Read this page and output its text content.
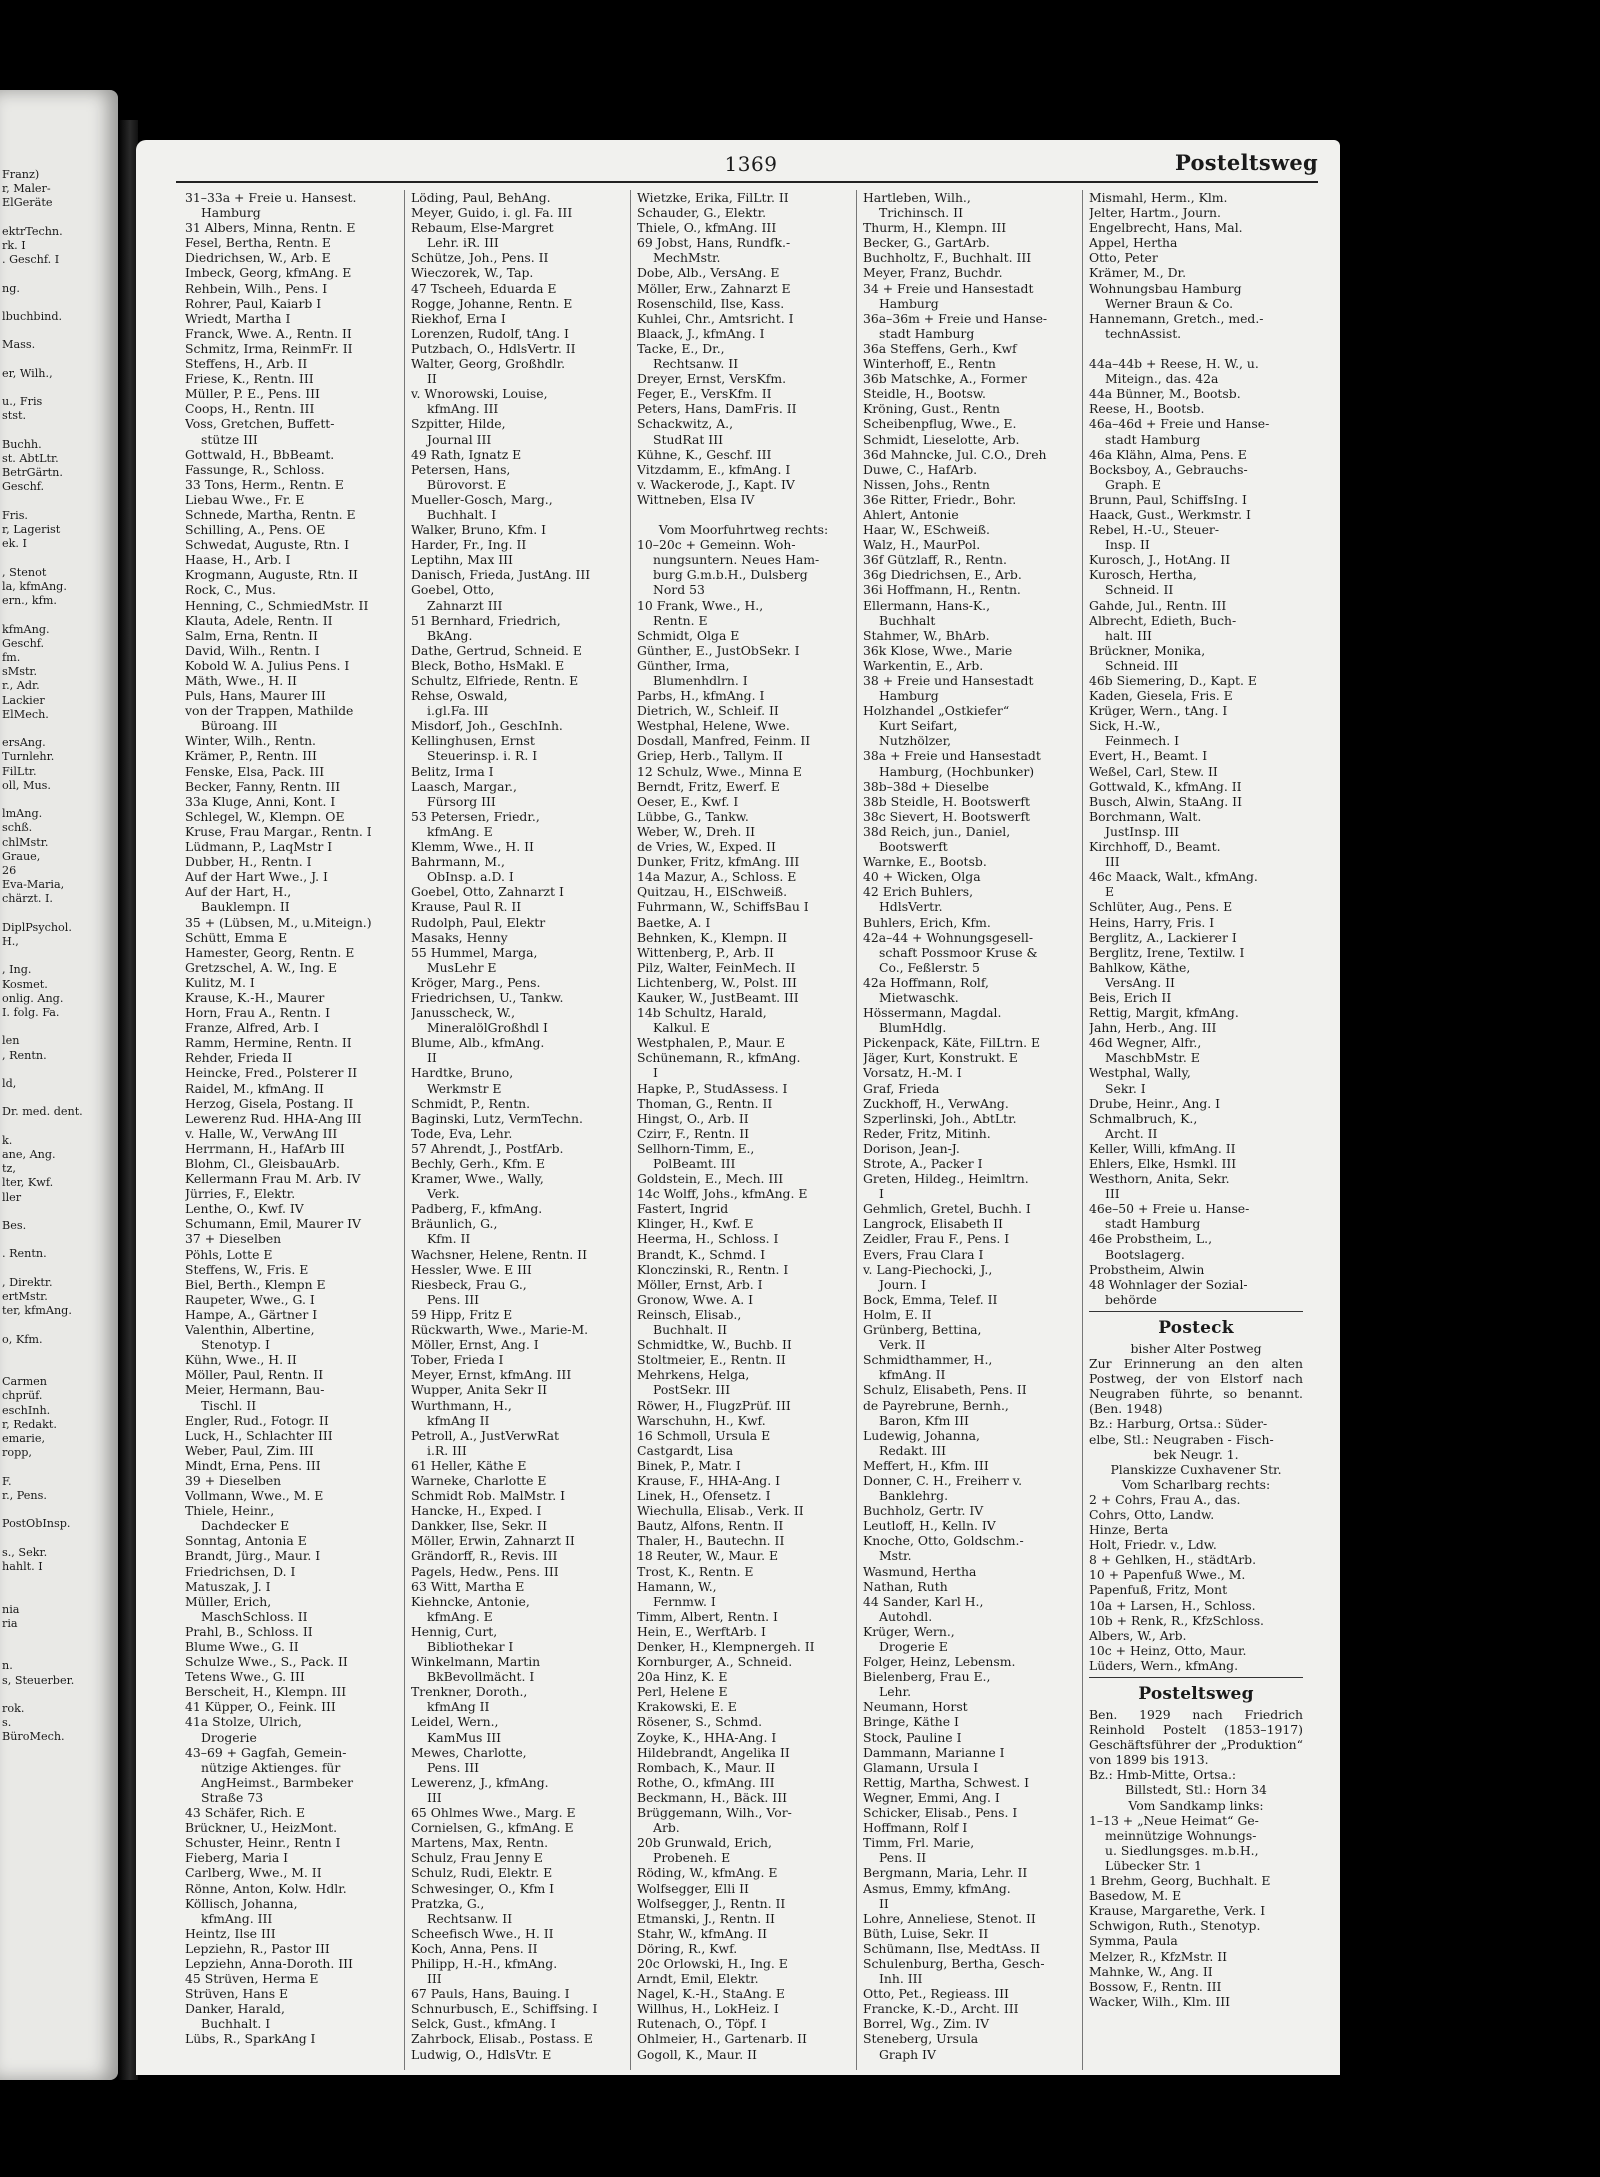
Franz)
r, Maler-
ElGeräte

ektrTechn.
rk. I
. Geschf. I

ng.

lbuchbind.

Mass.

er, Wilh.,

u., Fris
stst.

Buchh.
st. AbtLtr.
BetrGärtn.
Geschf.

Fris.
r, Lagerist
ek. I

, Stenot
la, kfmAng.
ern., kfm.

kfmAng.
Geschf.
fm.
sMstr.
r., Adr.
Lackier
ElMech.

ersAng.
Turnlehr.
FilLtr.
oll, Mus.

lmAng.
schß.
chlMstr.
Graue,
26
Eva-Maria,
chärzt. I.

DiplPsychol.
H.,

, Ing.
Kosmet.
onlig. Ang.
I. folg. Fa.

len
, Rentn.

ld,

Dr. med. dent.

k.
ane, Ang.
tz,
lter, Kwf.
ller

Bes.

. Rentn.

, Direktr.
ertMstr.
ter, kfmAng.

o, Kfm.

Carmen
chprüf.
eschInh.
r, Redakt.
emarie,
ropp,

F.
r., Pens.

PostObInsp.

s., Sekr.
hahlt. I

nia
ria

n.
s, Steuerber.

rok.
s.
BüroMech.
1369	Posteltsweg
31–33a + Freie u. Hansest.
Hamburg
31 Albers, Minna, Rentn. E
Fesel, Bertha, Rentn. E
Diedrichsen, W., Arb. E
Imbeck, Georg, kfmAng. E
Rehbein, Wilh., Pens. I
Rohrer, Paul, Kaiarb I
Wriedt, Martha I
Franck, Wwe. A., Rentn. II
Schmitz, Irma, ReinmFr. II
Steffens, H., Arb. II
Friese, K., Rentn. III
Müller, P. E., Pens. III
Coops, H., Rentn. III
Voss, Gretchen, Buffett-
stütze III
Gottwald, H., BbBeamt.
Fassunge, R., Schloss.
33 Tons, Herm., Rentn. E
Liebau Wwe., Fr. E
Schnede, Martha, Rentn. E
Schilling, A., Pens. OE
Schwedat, Auguste, Rtn. I
Haase, H., Arb. I
Krogmann, Auguste, Rtn. II
Rock, C., Mus.
Henning, C., SchmiedMstr. II
Klauta, Adele, Rentn. II
Salm, Erna, Rentn. II
David, Wilh., Rentn. I
Kobold W. A. Julius Pens. I
Mäth, Wwe., H. II
Puls, Hans, Maurer III
von der Trappen, Mathilde
Büroang. III
Winter, Wilh., Rentn.
Krämer, P., Rentn. III
Fenske, Elsa, Pack. III
Becker, Fanny, Rentn. III
33a Kluge, Anni, Kont. I
Schlegel, W., Klempn. OE
Kruse, Frau Margar., Rentn. I
Lüdmann, P., LaqMstr I
Dubber, H., Rentn. I
Auf der Hart Wwe., J. I
Auf der Hart, H.,
Bauklempn. II
35 + (Lübsen, M., u.Miteign.)
Schütt, Emma E
Hamester, Georg, Rentn. E
Gretzschel, A. W., Ing. E
Kulitz, M. I
Krause, K.-H., Maurer
Horn, Frau A., Rentn. I
Franze, Alfred, Arb. I
Ramm, Hermine, Rentn. II
Rehder, Frieda II
Heincke, Fred., Polsterer II
Raidel, M., kfmAng. II
Herzog, Gisela, Postang. II
Lewerenz Rud. HHA-Ang III
v. Halle, W., VerwAng III
Herrmann, H., HafArb III
Blohm, Cl., GleisbauArb.
Kellermann Frau M. Arb. IV
Jürries, F., Elektr.
Lenthe, O., Kwf. IV
Schumann, Emil, Maurer IV
37 + Dieselben
Pöhls, Lotte E
Steffens, W., Fris. E
Biel, Berth., Klempn E
Raupeter, Wwe., G. I
Hampe, A., Gärtner I
Valenthin, Albertine,
Stenotyp. I
Kühn, Wwe., H. II
Möller, Paul, Rentn. II
Meier, Hermann, Bau-
Tischl. II
Engler, Rud., Fotogr. II
Luck, H., Schlachter III
Weber, Paul, Zim. III
Mindt, Erna, Pens. III
39 + Dieselben
Vollmann, Wwe., M. E
Thiele, Heinr.,
Dachdecker E
Sonntag, Antonia E
Brandt, Jürg., Maur. I
Friedrichsen, D. I
Matuszak, J. I
Müller, Erich,
MaschSchloss. II
Prahl, B., Schloss. II
Blume Wwe., G. II
Schulze Wwe., S., Pack. II
Tetens Wwe., G. III
Berscheit, H., Klempn. III
41 Küpper, O., Feink. III
41a Stolze, Ulrich,
Drogerie
43–69 + Gagfah, Gemein-
nützige Aktienges. für
AngHeimst., Barmbeker
Straße 73
43 Schäfer, Rich. E
Brückner, U., HeizMont.
Schuster, Heinr., Rentn I
Fieberg, Maria I
Carlberg, Wwe., M. II
Rönne, Anton, Kolw. Hdlr.
Köllisch, Johanna,
kfmAng. III
Heintz, Ilse III
Lepziehn, R., Pastor III
Lepziehn, Anna-Doroth. III
45 Strüven, Herma E
Strüven, Hans E
Danker, Harald,
Buchhalt. I
Lübs, R., SparkAng I
Löding, Paul, BehAng.
Meyer, Guido, i. gl. Fa. III
Rebaum, Else-Margret
Lehr. iR. III
Schütze, Joh., Pens. II
Wieczorek, W., Tap.
47 Tscheeh, Eduarda E
Rogge, Johanne, Rentn. E
Riekhof, Erna I
Lorenzen, Rudolf, tAng. I
Putzbach, O., HdlsVertr. II
Walter, Georg, Großhdlr.
II
v. Wnorowski, Louise,
kfmAng. III
Szpitter, Hilde,
Journal III
49 Rath, Ignatz E
Petersen, Hans,
Bürovorst. E
Mueller-Gosch, Marg.,
Buchhalt. I
Walker, Bruno, Kfm. I
Harder, Fr., Ing. II
Leptihn, Max III
Danisch, Frieda, JustAng. III
Goebel, Otto,
Zahnarzt III
51 Bernhard, Friedrich,
BkAng.
Dathe, Gertrud, Schneid. E
Bleck, Botho, HsMakl. E
Schultz, Elfriede, Rentn. E
Rehse, Oswald,
i.gl.Fa. III
Misdorf, Joh., GeschInh.
Kellinghusen, Ernst
Steuerinsp. i. R. I
Belitz, Irma I
Laasch, Margar.,
Fürsorg III
53 Petersen, Friedr.,
kfmAng. E
Klemm, Wwe., H. II
Bahrmann, M.,
ObInsp. a.D. I
Goebel, Otto, Zahnarzt I
Krause, Paul R. II
Rudolph, Paul, Elektr
Masaks, Henny
55 Hummel, Marga,
MusLehr E
Kröger, Marg., Pens.
Friedrichsen, U., Tankw.
Janusscheck, W.,
MineralölGroßhdl I
Blume, Alb., kfmAng.
II
Hardtke, Bruno,
Werkmstr E
Schmidt, P., Rentn.
Baginski, Lutz, VermTechn.
Tode, Eva, Lehr.
57 Ahrendt, J., PostfArb.
Bechly, Gerh., Kfm. E
Kramer, Wwe., Wally,
Verk.
Padberg, F., kfmAng.
Bräunlich, G.,
Kfm. II
Wachsner, Helene, Rentn. II
Hessler, Wwe. E III
Riesbeck, Frau G.,
Pens. III
59 Hipp, Fritz E
Rückwarth, Wwe., Marie-M.
Möller, Ernst, Ang. I
Tober, Frieda I
Meyer, Ernst, kfmAng. III
Wupper, Anita Sekr II
Wurthmann, H.,
kfmAng II
Petroll, A., JustVerwRat
i.R. III
61 Heller, Käthe E
Warneke, Charlotte E
Schmidt Rob. MalMstr. I
Hancke, H., Exped. I
Dankker, Ilse, Sekr. II
Möller, Erwin, Zahnarzt II
Grändorff, R., Revis. III
Pagels, Hedw., Pens. III
63 Witt, Martha E
Kiehncke, Antonie,
kfmAng. E
Hennig, Curt,
Bibliothekar I
Winkelmann, Martin
BkBevollmächt. I
Trenkner, Doroth.,
kfmAng II
Leidel, Wern.,
KamMus III
Mewes, Charlotte,
Pens. III
Lewerenz, J., kfmAng.
III
65 Ohlmes Wwe., Marg. E
Cornielsen, G., kfmAng. E
Martens, Max, Rentn.
Schulz, Frau Jenny E
Schulz, Rudi, Elektr. E
Schwesinger, O., Kfm I
Pratzka, G.,
Rechtsanw. II
Scheefisch Wwe., H. II
Koch, Anna, Pens. II
Philipp, H.-H., kfmAng.
III
67 Pauls, Hans, Bauing. I
Schnurbusch, E., Schiffsing. I
Selck, Gust., kfmAng. I
Zahrbock, Elisab., Postass. E
Ludwig, O., HdlsVtr. E
Wietzke, Erika, FilLtr. II
Schauder, G., Elektr.
Thiele, O., kfmAng. III
69 Jobst, Hans, Rundfk.-
MechMstr.
Dobe, Alb., VersAng. E
Möller, Erw., Zahnarzt E
Rosenschild, Ilse, Kass.
Kuhlei, Chr., Amtsricht. I
Blaack, J., kfmAng. I
Tacke, E., Dr.,
Rechtsanw. II
Dreyer, Ernst, VersKfm.
Feger, E., VersKfm. II
Peters, Hans, DamFris. II
Schackwitz, A.,
StudRat III
Kühne, K., Geschf. III
Vitzdamm, E., kfmAng. I
v. Wackerode, J., Kapt. IV
Wittneben, Elsa IV

Vom Moorfuhrtweg rechts:
10–20c + Gemeinn. Woh-
nungsuntern. Neues Ham-
burg G.m.b.H., Dulsberg
Nord 53
10 Frank, Wwe., H.,
Rentn. E
Schmidt, Olga E
Günther, E., JustObSekr. I
Günther, Irma,
Blumenhdlrn. I
Parbs, H., kfmAng. I
Dietrich, W., Schleif. II
Westphal, Helene, Wwe.
Dosdall, Manfred, Feinm. II
Griep, Herb., Tallym. II
12 Schulz, Wwe., Minna E
Berndt, Fritz, Ewerf. E
Oeser, E., Kwf. I
Lübbe, G., Tankw.
Weber, W., Dreh. II
de Vries, W., Exped. II
Dunker, Fritz, kfmAng. III
14a Mazur, A., Schloss. E
Quitzau, H., ElSchweiß.
Fuhrmann, W., SchiffsBau I
Baetke, A. I
Behnken, K., Klempn. II
Wittenberg, P., Arb. II
Pilz, Walter, FeinMech. II
Lichtenberg, W., Polst. III
Kauker, W., JustBeamt. III
14b Schultz, Harald,
Kalkul. E
Westphalen, P., Maur. E
Schünemann, R., kfmAng.
I
Hapke, P., StudAssess. I
Thoman, G., Rentn. II
Hingst, O., Arb. II
Czirr, F., Rentn. II
Sellhorn-Timm, E.,
PolBeamt. III
Goldstein, E., Mech. III
14c Wolff, Johs., kfmAng. E
Fastert, Ingrid
Klinger, H., Kwf. E
Heerma, H., Schloss. I
Brandt, K., Schmd. I
Klonczinski, R., Rentn. I
Möller, Ernst, Arb. I
Gronow, Wwe. A. I
Reinsch, Elisab.,
Buchhalt. II
Schmidtke, W., Buchb. II
Stoltmeier, E., Rentn. II
Mehrkens, Helga,
PostSekr. III
Röwer, H., FlugzPrüf. III
Warschuhn, H., Kwf.
16 Schmoll, Ursula E
Castgardt, Lisa
Binek, P., Matr. I
Krause, F., HHA-Ang. I
Linek, H., Ofensetz. I
Wiechulla, Elisab., Verk. II
Bautz, Alfons, Rentn. II
Thaler, H., Bautechn. II
18 Reuter, W., Maur. E
Trost, K., Rentn. E
Hamann, W.,
Fernmw. I
Timm, Albert, Rentn. I
Hein, E., WerftArb. I
Denker, H., Klempnergeh. II
Kornburger, A., Schneid.
20a Hinz, K. E
Perl, Helene E
Krakowski, E. E
Rösener, S., Schmd.
Zoyke, K., HHA-Ang. I
Hildebrandt, Angelika II
Rombach, K., Maur. II
Rothe, O., kfmAng. III
Beckmann, H., Bäck. III
Brüggemann, Wilh., Vor-
Arb.
20b Grunwald, Erich,
Probeneh. E
Röding, W., kfmAng. E
Wolfsegger, Elli II
Wolfsegger, J., Rentn. II
Etmanski, J., Rentn. II
Stahr, W., kfmAng. II
Döring, R., Kwf.
20c Orlowski, H., Ing. E
Arndt, Emil, Elektr.
Nagel, K.-H., StaAng. E
Willhus, H., LokHeiz. I
Rutenach, O., Töpf. I
Ohlmeier, H., Gartenarb. II
Gogoll, K., Maur. II
Hartleben, Wilh.,
Trichinsch. II
Thurm, H., Klempn. III
Becker, G., GartArb.
Buchholtz, F., Buchhalt. III
Meyer, Franz, Buchdr.
34 + Freie und Hansestadt
Hamburg
36a–36m + Freie und Hanse-
stadt Hamburg
36a Steffens, Gerh., Kwf
Winterhoff, E., Rentn
36b Matschke, A., Former
Steidle, H., Bootsw.
Kröning, Gust., Rentn
Scheibenpflug, Wwe., E.
Schmidt, Lieselotte, Arb.
36d Mahncke, Jul. C.O., Dreh
Duwe, C., HafArb.
Nissen, Johs., Rentn
36e Ritter, Friedr., Bohr.
Ahlert, Antonie
Haar, W., ESchweiß.
Walz, H., MaurPol.
36f Gützlaff, R., Rentn.
36g Diedrichsen, E., Arb.
36i Hoffmann, H., Rentn.
Ellermann, Hans-K.,
Buchhalt
Stahmer, W., BhArb.
36k Klose, Wwe., Marie
Warkentin, E., Arb.
38 + Freie und Hansestadt
Hamburg
Holzhandel „Ostkiefer“
Kurt Seifart,
Nutzhölzer,
38a + Freie und Hansestadt
Hamburg, (Hochbunker)
38b–38d + Dieselbe
38b Steidle, H. Bootswerft
38c Sievert, H. Bootswerft
38d Reich, jun., Daniel,
Bootswerft
Warnke, E., Bootsb.
40 + Wicken, Olga
42 Erich Buhlers,
HdlsVertr.
Buhlers, Erich, Kfm.
42a–44 + Wohnungsgesell-
schaft Possmoor Kruse &
Co., Feßlerstr. 5
42a Hoffmann, Rolf,
Mietwaschk.
Hössermann, Magdal.
BlumHdlg.
Pickenpack, Käte, FilLtrn. E
Jäger, Kurt, Konstrukt. E
Vorsatz, H.-M. I
Graf, Frieda
Zuckhoff, H., VerwAng.
Szperlinski, Joh., AbtLtr.
Reder, Fritz, Mitinh.
Dorison, Jean-J.
Strote, A., Packer I
Greten, Hildeg., Heimltrn.
I
Gehmlich, Gretel, Buchh. I
Langrock, Elisabeth II
Zeidler, Frau F., Pens. I
Evers, Frau Clara I
v. Lang-Piechocki, J.,
Journ. I
Bock, Emma, Telef. II
Holm, E. II
Grünberg, Bettina,
Verk. II
Schmidthammer, H.,
kfmAng. II
Schulz, Elisabeth, Pens. II
de Payrebrune, Bernh.,
Baron, Kfm III
Ludewig, Johanna,
Redakt. III
Meffert, H., Kfm. III
Donner, C. H., Freiherr v.
Banklehrg.
Buchholz, Gertr. IV
Leutloff, H., Kelln. IV
Knoche, Otto, Goldschm.-
Mstr.
Wasmund, Hertha
Nathan, Ruth
44 Sander, Karl H.,
Autohdl.
Krüger, Wern.,
Drogerie E
Folger, Heinz, Lebensm.
Bielenberg, Frau E.,
Lehr.
Neumann, Horst
Bringe, Käthe I
Stock, Pauline I
Dammann, Marianne I
Glamann, Ursula I
Rettig, Martha, Schwest. I
Wegner, Emmi, Ang. I
Schicker, Elisab., Pens. I
Hoffmann, Rolf I
Timm, Frl. Marie,
Pens. II
Bergmann, Maria, Lehr. II
Asmus, Emmy, kfmAng.
II
Lohre, Anneliese, Stenot. II
Büth, Luise, Sekr. II
Schümann, Ilse, MedtAss. II
Schulenburg, Bertha, Gesch-
Inh. III
Otto, Pet., Regieass. III
Francke, K.-D., Archt. III
Borrel, Wg., Zim. IV
Steneberg, Ursula
Graph IV
Mismahl, Herm., Klm.
Jelter, Hartm., Journ.
Engelbrecht, Hans, Mal.
Appel, Hertha
Otto, Peter
Krämer, M., Dr.
Wohnungsbau Hamburg
Werner Braun & Co.
Hannemann, Gretch., med.-
technAssist.

44a–44b + Reese, H. W., u.
Miteign., das. 42a
44a Bünner, M., Bootsb.
Reese, H., Bootsb.
46a–46d + Freie und Hanse-
stadt Hamburg
46a Klähn, Alma, Pens. E
Bocksboy, A., Gebrauchs-
Graph. E
Brunn, Paul, SchiffsIng. I
Haack, Gust., Werkmstr. I
Rebel, H.-U., Steuer-
Insp. II
Kurosch, J., HotAng. II
Kurosch, Hertha,
Schneid. II
Gahde, Jul., Rentn. III
Albrecht, Edieth, Buch-
halt. III
Brückner, Monika,
Schneid. III
46b Siemering, D., Kapt. E
Kaden, Giesela, Fris. E
Krüger, Wern., tAng. I
Sick, H.-W.,
Feinmech. I
Evert, H., Beamt. I
Weßel, Carl, Stew. II
Gottwald, K., kfmAng. II
Busch, Alwin, StaAng. II
Borchmann, Walt.
JustInsp. III
Kirchhoff, D., Beamt.
III
46c Maack, Walt., kfmAng.
E
Schlüter, Aug., Pens. E
Heins, Harry, Fris. I
Berglitz, A., Lackierer I
Berglitz, Irene, Textilw. I
Bahlkow, Käthe,
VersAng. II
Beis, Erich II
Rettig, Margit, kfmAng.
Jahn, Herb., Ang. III
46d Wegner, Alfr.,
MaschbMstr. E
Westphal, Wally,
Sekr. I
Drube, Heinr., Ang. I
Schmalbruch, K.,
Archt. II
Keller, Willi, kfmAng. II
Ehlers, Elke, Hsmkl. III
Westhorn, Anita, Sekr.
III
46e–50 + Freie u. Hanse-
stadt Hamburg
46e Probstheim, L.,
Bootslagerg.
Probstheim, Alwin
48 Wohnlager der Sozial-
behörde
Posteck
bisher Alter Postweg
Zur Erinnerung an den alten Postweg, der von Elstorf nach Neugraben führte, so benannt. (Ben. 1948)
Bz.: Harburg, Ortsa.: Süder-
elbe, Stl.: Neugraben - Fisch-
bek Neugr. 1.
Planskizze Cuxhavener Str.
Vom Scharlbarg rechts:
2 + Cohrs, Frau A., das.
Cohrs, Otto, Landw.
Hinze, Berta
Holt, Friedr. v., Ldw.
8 + Gehlken, H., städtArb.
10 + Papenfuß Wwe., M.
Papenfuß, Fritz, Mont
10a + Larsen, H., Schloss.
10b + Renk, R., KfzSchloss.
Albers, W., Arb.
10c + Heinz, Otto, Maur.
Lüders, Wern., kfmAng.
Posteltsweg
Ben. 1929 nach Friedrich Reinhold Postelt (1853–1917) Geschäftsführer der „Produktion“ von 1899 bis 1913.
Bz.: Hmb-Mitte, Ortsa.:
Billstedt, Stl.: Horn 34
Vom Sandkamp links:
1–13 + „Neue Heimat“ Ge-
meinnützige Wohnungs-
u. Siedlungsges. m.b.H.,
Lübecker Str. 1
1 Brehm, Georg, Buchhalt. E
Basedow, M. E
Krause, Margarethe, Verk. I
Schwigon, Ruth., Stenotyp.
Symma, Paula
Melzer, R., KfzMstr. II
Mahnke, W., Ang. II
Bossow, F., Rentn. III
Wacker, Wilh., Klm. III
